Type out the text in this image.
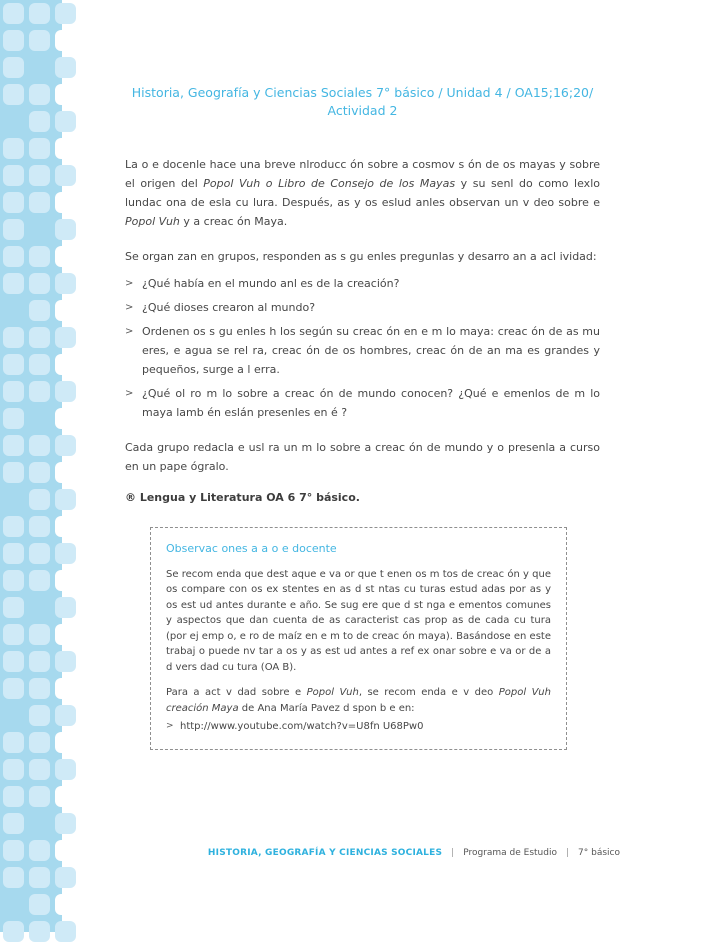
Historia, Geografía y Ciencias Sociales 7° básico / Unidad 4 / OA15;16;20/
Actividad 2

La o e docenle hace una breve nlroducc ón sobre a cosmov s ón de os mayas y sobre el origen del Popol Vuh o Libro de Consejo de los Mayas y su senl do como lexlo lundac ona de esla cu lura. Después, as y os eslud anles observan un v deo sobre e Popol Vuh y a creac ón Maya.

Se organ zan en grupos, responden as s gu enles pregunlas y desarro an a acl ividad:

> ¿Qué había en el mundo anl es de la creación?
> ¿Qué dioses crearon al mundo?
> Ordenen os s gu enles h los según su creac ón en e m lo maya: creac ón de as mu eres, e agua se rel ra, creac ón de os hombres, creac ón de an ma es grandes y pequeños, surge a l erra.
> ¿Qué ol ro m lo sobre a creac ón de mundo conocen? ¿Qué e emenlos de m lo maya lamb én eslán presenles en é ?

Cada grupo redacla e usl ra un m lo sobre a creac ón de mundo y o presenla a curso en un pape ógralo.

® Lengua y Literatura OA 6 7° básico.

Observac ones a a o e docente

Se recom enda que dest aque e va or que t enen os m tos de creac ón y que os compare con os ex stentes en as d st ntas cu turas estud adas por as y os est ud antes durante e año. Se sug ere que d st nga e ementos comunes y aspectos que dan cuenta de as caracterist cas prop as de cada cu tura (por ej emp o, e ro de maíz en e m to de creac ón maya). Basándose en este trabaj o puede nv tar a os y as est ud antes a ref ex onar sobre e va or de a d vers dad cu tura (OA B).

Para a act v dad sobre e Popol Vuh, se recom enda e v deo Popol Vuh creación Maya de Ana María Pavez d spon b e en:

> http://www.youtube.com/watch?v=U8fn U68Pw0
HISTORIA, GEOGRAFÍA Y CIENCIAS SOCIALES | Programa de Estudio | 7° básico
